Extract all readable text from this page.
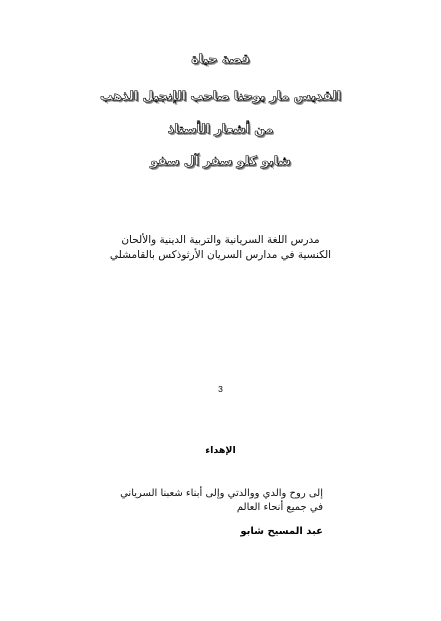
قصة حياة
القديس مار يوحنا صاحب الإنجيل الذهب
من أشعار الأستاذ
شابو كلو سفر آل سفو
مدرس اللغة السريانية والتربية الدينية والألحان
الكنسية في مدارس السريان الأرثوذكس بالقامشلي
3
الإهداء
إلى روح والدي ووالدتي وإلى أبناء شعبنا السرياني
في جميع أنحاء العالم
عبد المسيح شابو
